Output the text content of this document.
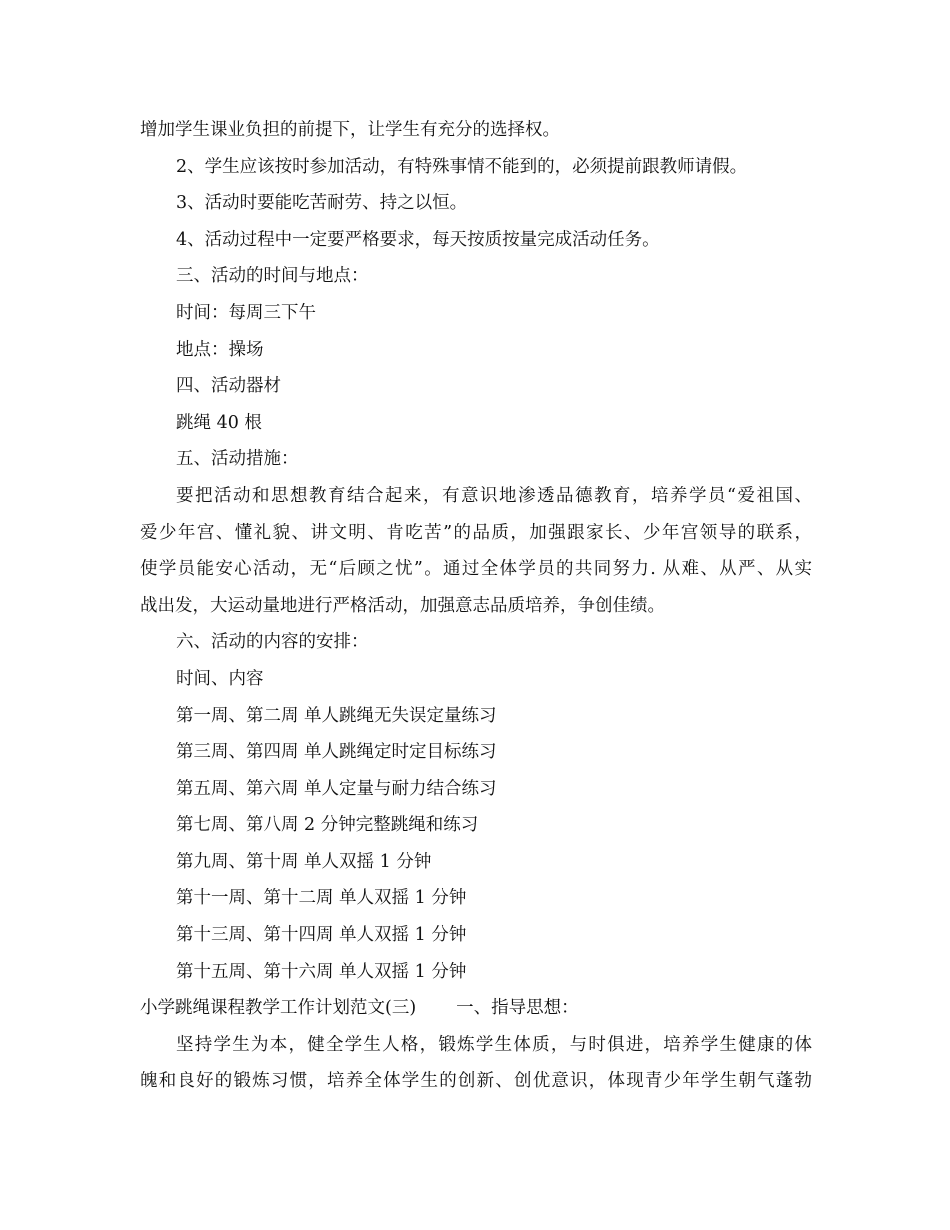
增加学生课业负担的前提下，让学生有充分的选择权。
2、学生应该按时参加活动，有特殊事情不能到的，必须提前跟教师请假。
3、活动时要能吃苦耐劳、持之以恒。
4、活动过程中一定要严格要求，每天按质按量完成活动任务。
三、活动的时间与地点：
时间：每周三下午
地点：操场
四、活动器材
跳绳 40 根
五、活动措施：
要把活动和思想教育结合起来，有意识地渗透品德教育，培养学员“爱祖国、
爱少年宫、懂礼貌、讲文明、肯吃苦”的品质，加强跟家长、少年宫领导的联系，
使学员能安心活动，无“后顾之忧”。通过全体学员的共同努力. 从难、从严、从实
战出发，大运动量地进行严格活动，加强意志品质培养，争创佳绩。
六、活动的内容的安排：
时间、内容
第一周、第二周 单人跳绳无失误定量练习
第三周、第四周 单人跳绳定时定目标练习
第五周、第六周 单人定量与耐力结合练习
第七周、第八周 2 分钟完整跳绳和练习
第九周、第十周 单人双摇 1 分钟
第十一周、第十二周 单人双摇 1 分钟
第十三周、第十四周 单人双摇 1 分钟
第十五周、第十六周 单人双摇 1 分钟
小学跳绳课程教学工作计划范文(三) 一、指导思想：
坚持学生为本，健全学生人格，锻炼学生体质，与时俱进，培养学生健康的体
魄和良好的锻炼习惯，培养全体学生的创新、创优意识，体现青少年学生朝气蓬勃
